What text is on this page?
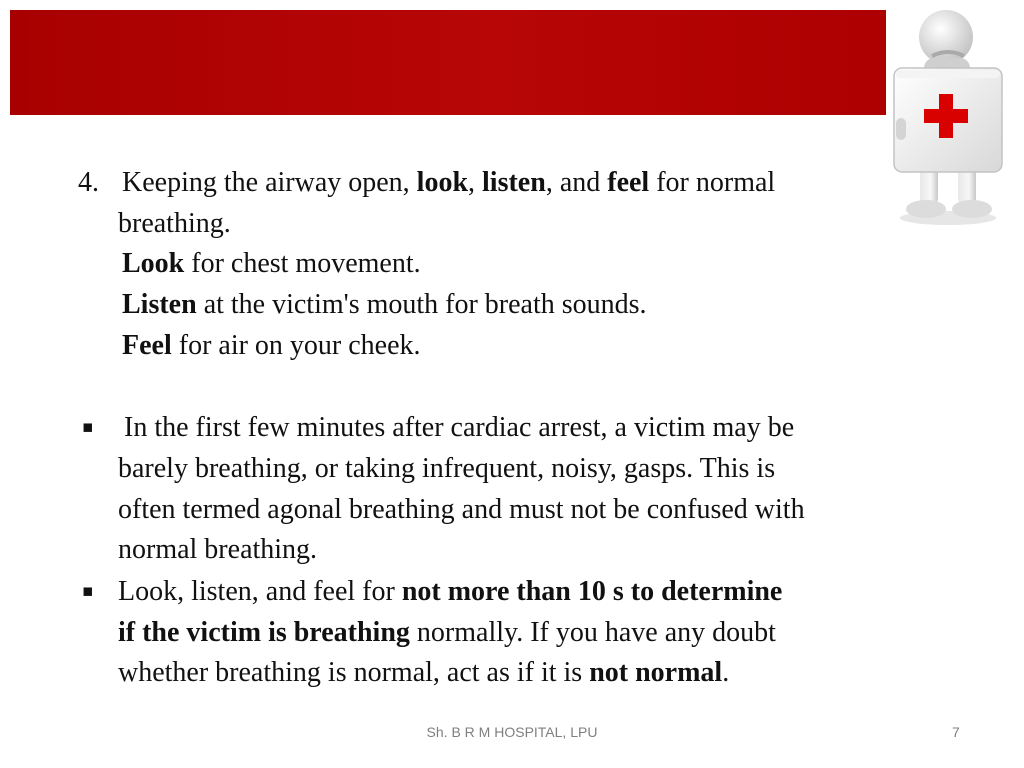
4. Keeping the airway open, look, listen, and feel for normal
breathing.
Look for chest movement.
Listen at the victim's mouth for breath sounds.
Feel for air on your cheek.
▪ In the first few minutes after cardiac arrest, a victim may be
barely breathing, or taking infrequent, noisy, gasps. This is
often termed agonal breathing and must not be confused with
normal breathing.
▪ Look, listen, and feel for not more than 10 s to determine
if the victim is breathing normally. If you have any doubt
whether breathing is normal, act as if it is not normal.
Sh. B R M HOSPITAL, LPU	7
